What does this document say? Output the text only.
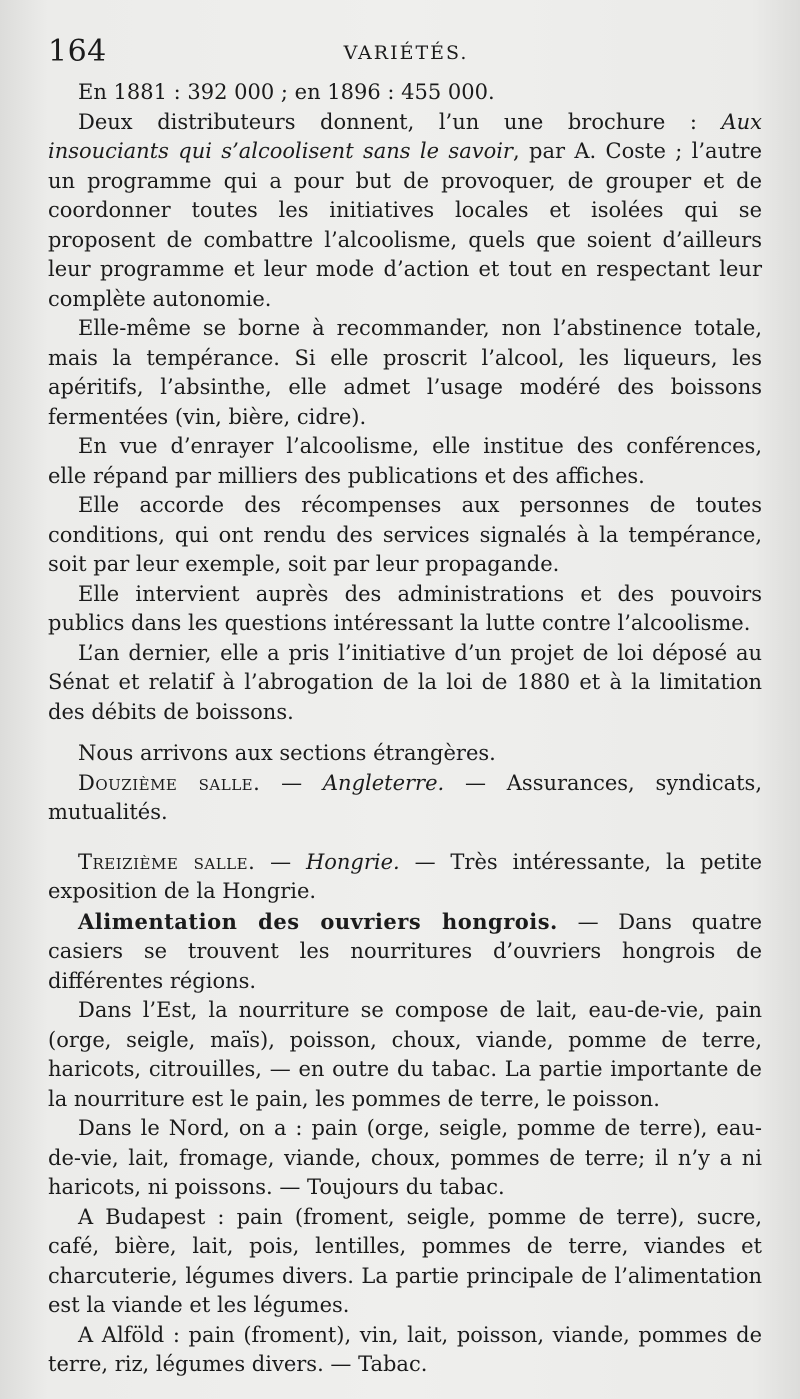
164	VARIÉTÉS.

En 1881 : 392 000 ; en 1896 : 455 000.

Deux distributeurs donnent, l’un une brochure : Aux insouciants qui s’alcoolisent sans le savoir, par A. Coste ; l’autre un programme qui a pour but de provoquer, de grouper et de coordonner toutes les initiatives locales et isolées qui se proposent de combattre l’alcoolisme, quels que soient d’ailleurs leur programme et leur mode d’action et tout en respectant leur complète autonomie.

Elle-même se borne à recommander, non l’abstinence totale, mais la tempérance. Si elle proscrit l’alcool, les liqueurs, les apéritifs, l’absinthe, elle admet l’usage modéré des boissons fermentées (vin, bière, cidre).

En vue d’enrayer l’alcoolisme, elle institue des conférences, elle répand par milliers des publications et des affiches.

Elle accorde des récompenses aux personnes de toutes conditions, qui ont rendu des services signalés à la tempérance, soit par leur exemple, soit par leur propagande.

Elle intervient auprès des administrations et des pouvoirs publics dans les questions intéressant la lutte contre l’alcoolisme.

L’an dernier, elle a pris l’initiative d’un projet de loi déposé au Sénat et relatif à l’abrogation de la loi de 1880 et à la limitation des débits de boissons.

Nous arrivons aux sections étrangères.

Douzième salle. — Angleterre. — Assurances, syndicats, mutualités.

Treizième salle. — Hongrie. — Très intéressante, la petite exposition de la Hongrie.

Alimentation des ouvriers hongrois. — Dans quatre casiers se trouvent les nourritures d’ouvriers hongrois de différentes régions.

Dans l’Est, la nourriture se compose de lait, eau-de-vie, pain (orge, seigle, maïs), poisson, choux, viande, pomme de terre, haricots, citrouilles, — en outre du tabac. La partie importante de la nourriture est le pain, les pommes de terre, le poisson.

Dans le Nord, on a : pain (orge, seigle, pomme de terre), eau-de-vie, lait, fromage, viande, choux, pommes de terre; il n’y a ni haricots, ni poissons. — Toujours du tabac.

A Budapest : pain (froment, seigle, pomme de terre), sucre, café, bière, lait, pois, lentilles, pommes de terre, viandes et charcuterie, légumes divers. La partie principale de l’alimentation est la viande et les légumes.

A Alföld : pain (froment), vin, lait, poisson, viande, pommes de terre, riz, légumes divers. — Tabac.
